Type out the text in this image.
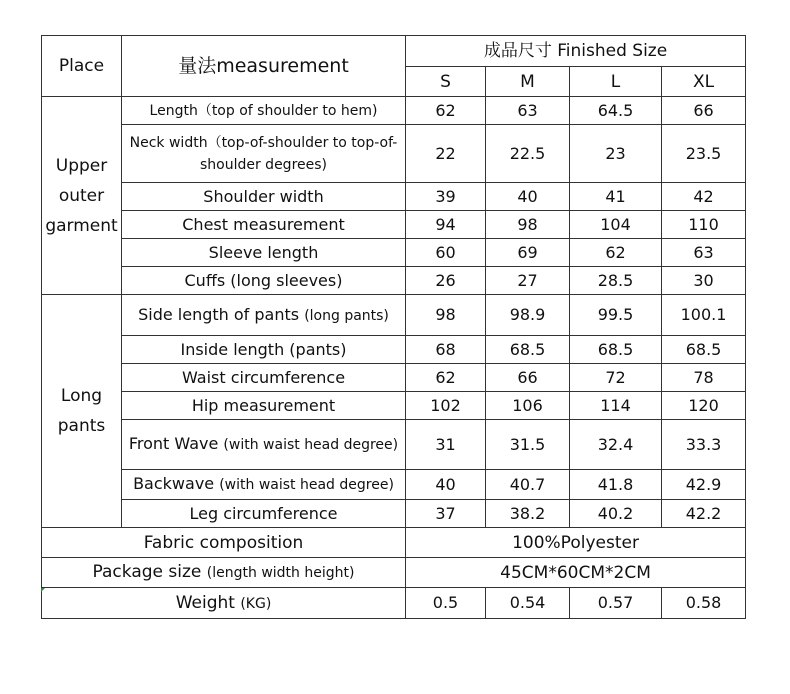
Place	量法measurement	成品尺寸 Finished Size			
		S	M	L	XL
Upper
outer
garment	Length（top of shoulder to hem)	62	63	64.5	66
	Neck width（top-of-shoulder to top-of-shoulder degrees)	22	22.5	23	23.5
	Shoulder width	39	40	41	42
	Chest measurement	94	98	104	110
	Sleeve length	60	69	62	63
	Cuffs (long sleeves)	26	27	28.5	30
Long
pants	Side length of pants (long pants)	98	98.9	99.5	100.1
	Inside length (pants)	68	68.5	68.5	68.5
	Waist circumference	62	66	72	78
	Hip measurement	102	106	114	120
	Front Wave (with waist head degree)	31	31.5	32.4	33.3
	Backwave (with waist head degree)	40	40.7	41.8	42.9
	Leg circumference	37	38.2	40.2	42.2
Fabric composition		100%Polyester			
Package size (length width height)		45CM*60CM*2CM			
Weight (KG)		0.5	0.54	0.57	0.58
